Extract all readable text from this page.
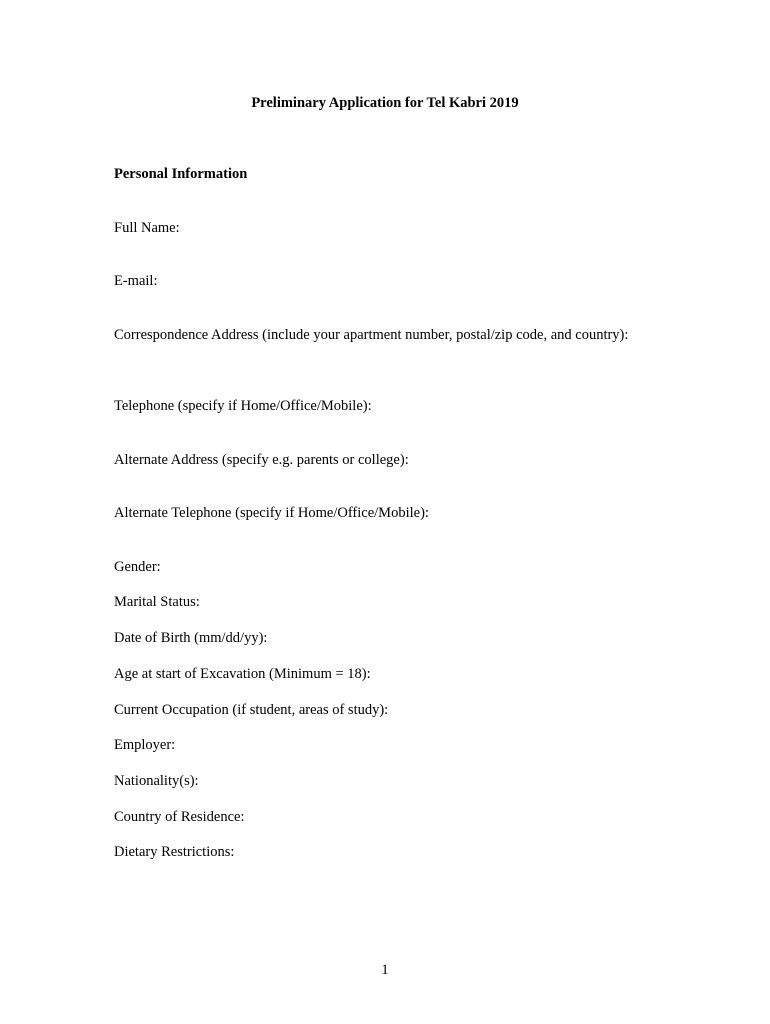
Preliminary Application for Tel Kabri 2019
Personal Information
Full Name:
E-mail:
Correspondence Address (include your apartment number, postal/zip code, and country):
Telephone (specify if Home/Office/Mobile):
Alternate Address (specify e.g. parents or college):
Alternate Telephone (specify if Home/Office/Mobile):
Gender:
Marital Status:
Date of Birth (mm/dd/yy):
Age at start of Excavation (Minimum = 18):
Current Occupation (if student, areas of study):
Employer:
Nationality(s):
Country of Residence:
Dietary Restrictions:
1
